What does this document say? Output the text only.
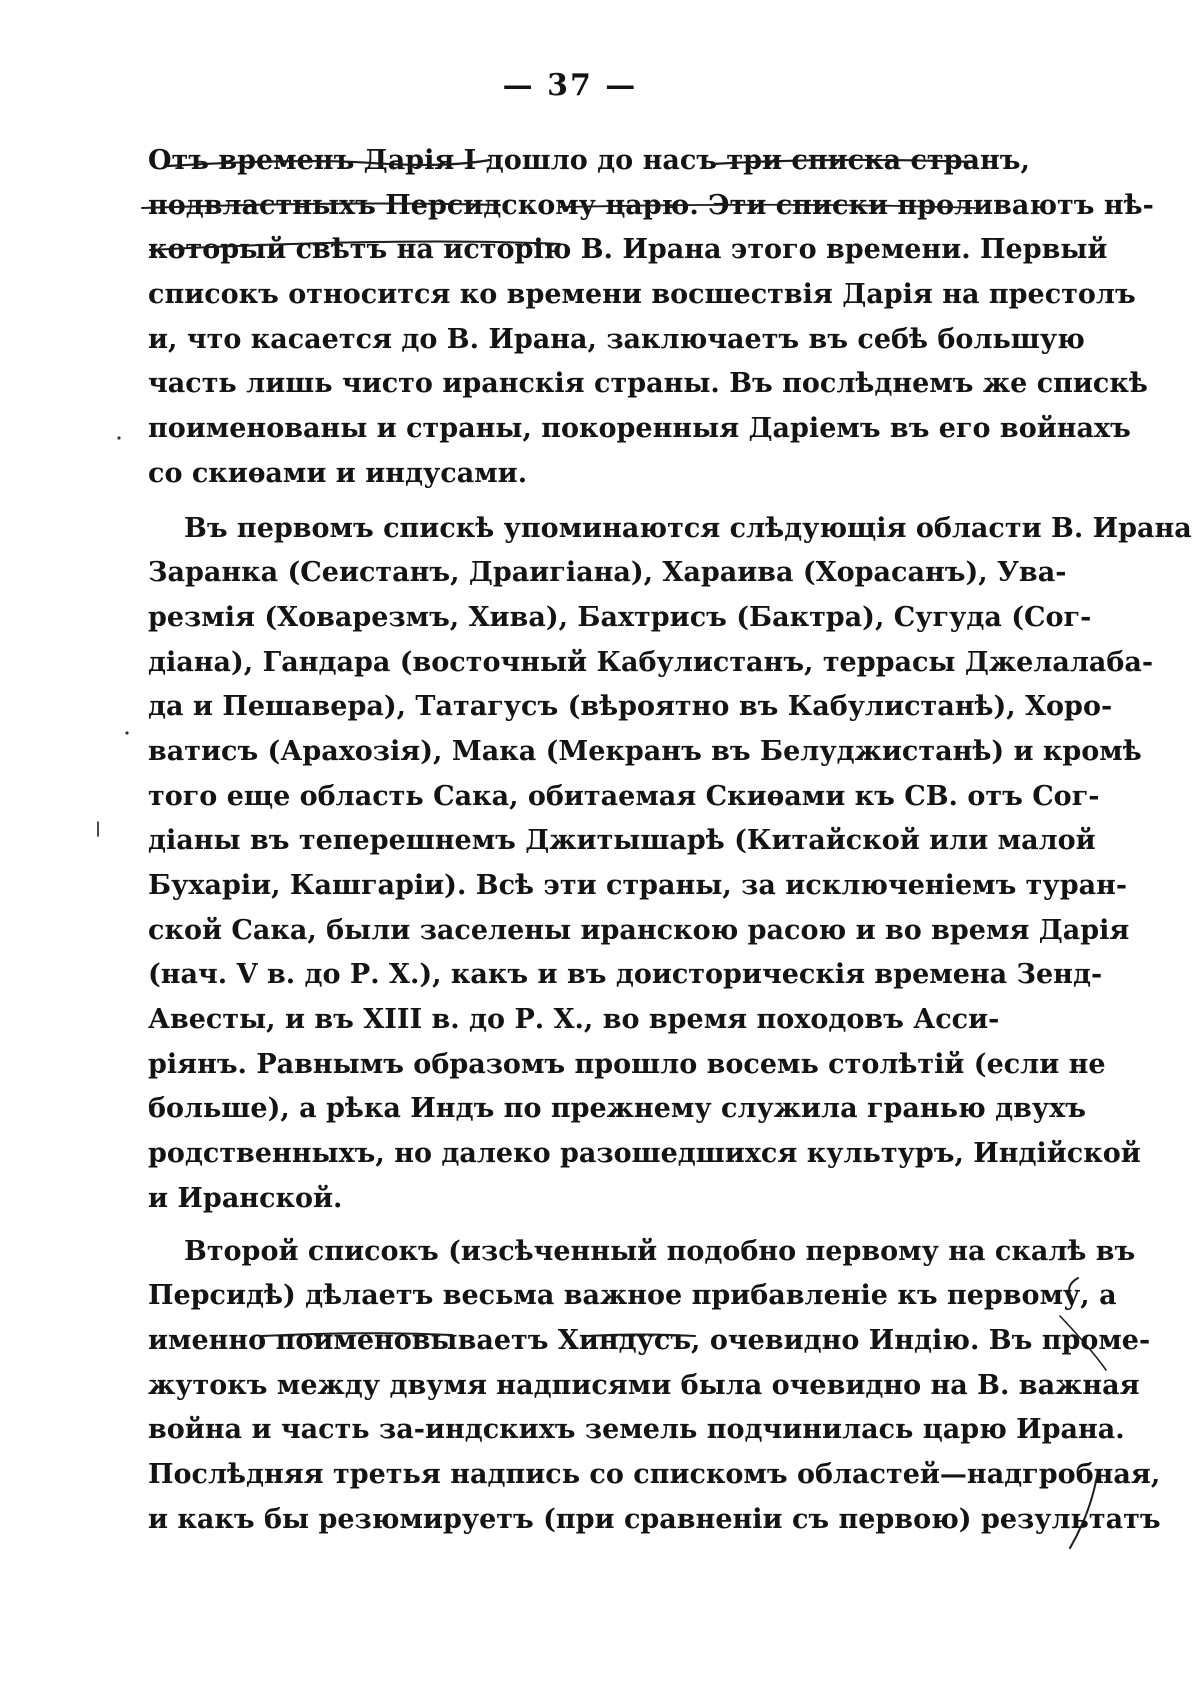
— 37 —

Отъ временъ Дарія I дошло до насъ три списка странъ,
подвластныхъ Персидскому царю. Эти списки проливаютъ нѣ-
который свѣтъ на исторію В. Ирана этого времени. Первый
списокъ относится ко времени восшествія Дарія на престолъ
и, что касается до В. Ирана, заключаетъ въ себѣ большую
часть лишь чисто иранскія страны. Въ послѣднемъ же спискѣ
поименованы и страны, покоренныя Даріемъ въ его войнахъ
со скиѳами и индусами.

Въ первомъ спискѣ упоминаются слѣдующія области В. Ирана
Заранка (Сеистанъ, Драигіана), Хараива (Хорасанъ), Ува-
резмія (Ховарезмъ, Хива), Бахтрисъ (Бактра), Сугуда (Сог-
діана), Гандара (восточный Кабулистанъ, террасы Джелалаба-
да и Пешавера), Татагусъ (вѣроятно въ Кабулистанѣ), Хоро-
ватисъ (Арахозія), Мака (Мекранъ въ Белуджистанѣ) и кромѣ
того еще область Сака, обитаемая Скиѳами къ СВ. отъ Сог-
діаны въ теперешнемъ Джитышарѣ (Китайской или малой
Бухаріи, Кашгаріи). Всѣ эти страны, за исключеніемъ туран-
ской Сака, были заселены иранскою расою и во время Дарія
(нач. V в. до Р. Х.), какъ и въ доисторическія времена Зенд-
Авесты, и въ XIII в. до Р. Х., во время походовъ Асси-
ріянъ. Равнымъ образомъ прошло восемь столѣтій (если не
больше), а рѣка Индъ по прежнему служила гранью двухъ
родственныхъ, но далеко разошедшихся культуръ, Индійской
и Иранской.

Второй списокъ (изсѣченный подобно первому на скалѣ въ
Персидѣ) дѣлаетъ весьма важное прибавленіе къ первому, а
именно поименовываетъ Хиндусъ, очевидно Индію. Въ проме-
жутокъ между двумя надписями была очевидно на В. важная
война и часть за-индскихъ земель подчинилась царю Ирана.
Послѣдняя третья надпись со спискомъ областей—надгробная,
и какъ бы резюмируетъ (при сравненіи съ первою) результатъ
